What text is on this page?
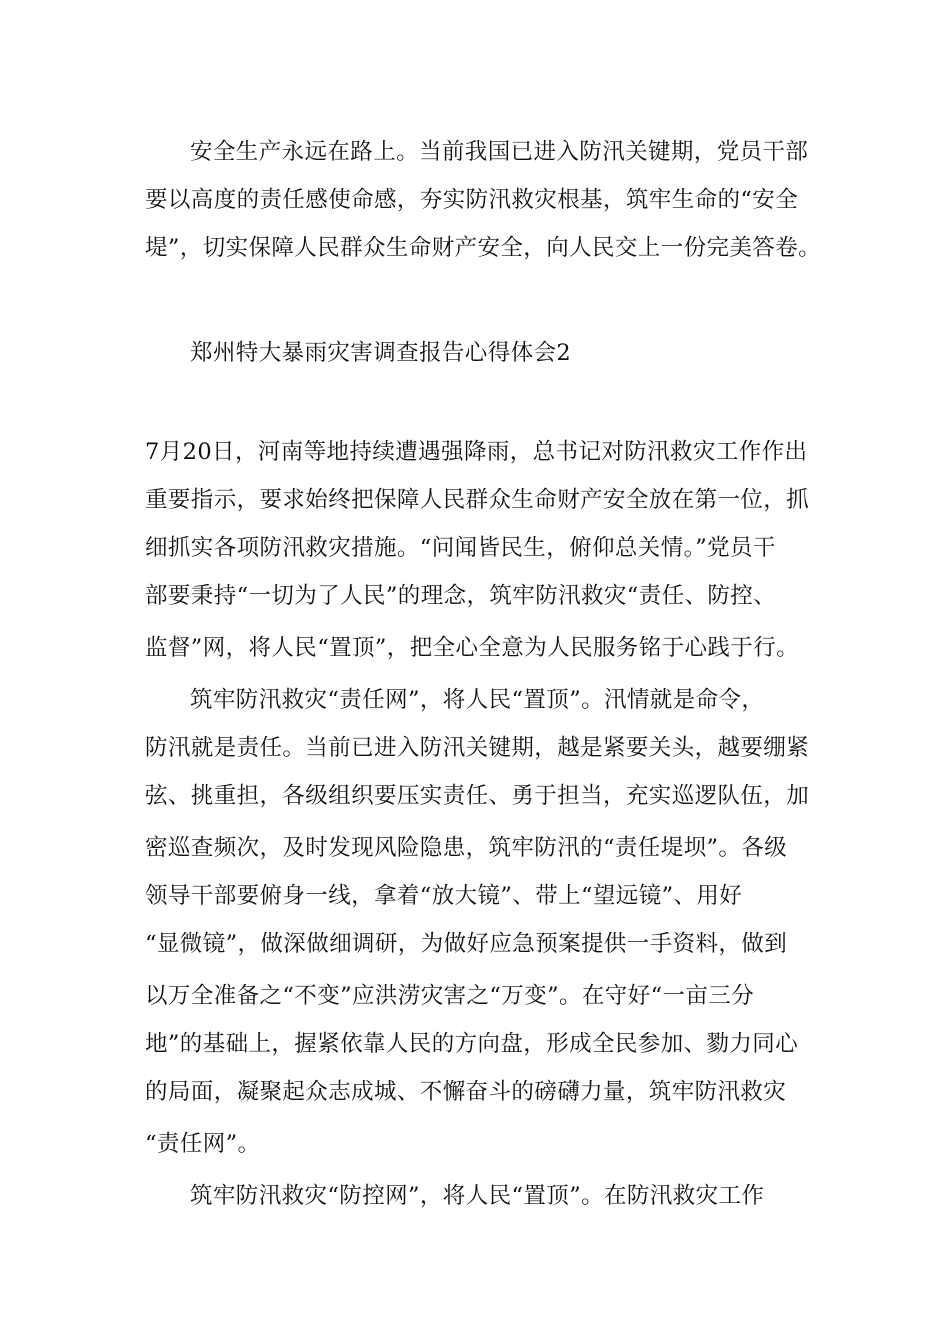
安全生产永远在路上。当前我国已进入防汛关键期，党员干部
要以高度的责任感使命感，夯实防汛救灾根基，筑牢生命的“安全
堤”，切实保障人民群众生命财产安全，向人民交上一份完美答卷。
郑州特大暴雨灾害调查报告心得体会2
7月20日，河南等地持续遭遇强降雨，总书记对防汛救灾工作作出
重要指示，要求始终把保障人民群众生命财产安全放在第一位，抓
细抓实各项防汛救灾措施。“问闻皆民生，俯仰总关情。”党员干
部要秉持“一切为了人民”的理念，筑牢防汛救灾“责任、防控、
监督”网，将人民“置顶”，把全心全意为人民服务铭于心践于行。
筑牢防汛救灾“责任网”，将人民“置顶”。汛情就是命令，
防汛就是责任。当前已进入防汛关键期，越是紧要关头，越要绷紧
弦、挑重担，各级组织要压实责任、勇于担当，充实巡逻队伍，加
密巡查频次，及时发现风险隐患，筑牢防汛的“责任堤坝”。各级
领导干部要俯身一线，拿着“放大镜”、带上“望远镜”、用好
“显微镜”，做深做细调研，为做好应急预案提供一手资料，做到
以万全准备之“不变”应洪涝灾害之“万变”。在守好“一亩三分
地”的基础上，握紧依靠人民的方向盘，形成全民参加、勠力同心
的局面，凝聚起众志成城、不懈奋斗的磅礴力量，筑牢防汛救灾
“责任网”。
筑牢防汛救灾“防控网”，将人民“置顶”。在防汛救灾工作
